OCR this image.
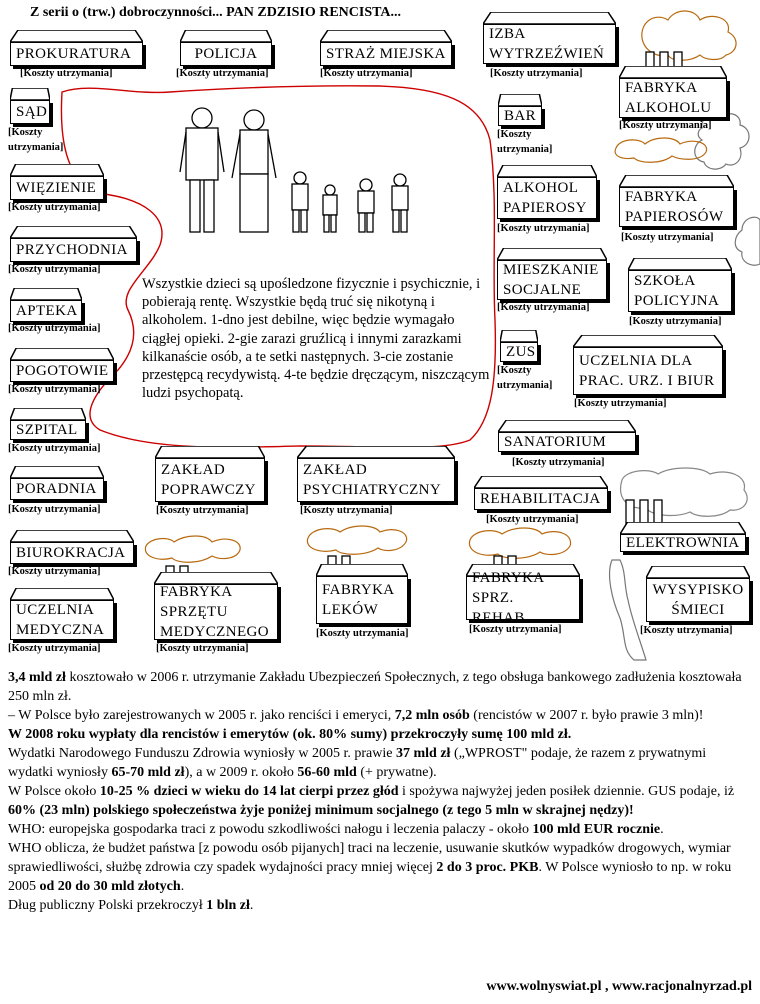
Z serii o (trw.) dobroczynności... PAN ZDZISIO RENCISTA...
PROKURATURA
[Koszty utrzymania]
POLICJA
[Koszty utrzymania]
STRAŻ MIEJSKA
[Koszty utrzymania]
IZBA
WYTRZEŹWIEŃ
[Koszty utrzymania]
FABRYKA
ALKOHOLU
[Koszty utrzymania]
SĄD
[Koszty
utrzymania]
BAR
[Koszty
utrzymania]
WIĘZIENIE
[Koszty utrzymania]
ALKOHOL
PAPIEROSY
[Koszty utrzymania]
FABRYKA
PAPIEROSÓW
[Koszty utrzymania]
PRZYCHODNIA
[Koszty utrzymania]	MIESZKANIE
SOCJALNE
[Koszty utrzymania]
SZKOŁA
POLICYJNA
[Koszty utrzymania]
APTEKA
[Koszty utrzymania]
ZUS
[Koszty
utrzymania]
UCZELNIA DLA
PRAC. URZ. I BIUR
[Koszty utrzymania]
POGOTOWIE
[Koszty utrzymania]
SZPITAL
[Koszty utrzymania]	SANATORIUM
[Koszty utrzymania]
ZAKŁAD
POPRAWCZY
[Koszty utrzymania]
ZAKŁAD
PSYCHIATRYCZNY
[Koszty utrzymania]
PORADNIA
[Koszty utrzymania]
REHABILITACJA
[Koszty utrzymania]
ELEKTROWNIA
BIUROKRACJA
[Koszty utrzymania]
FABRYKA
SPRZĘTU
MEDYCZNEGO
[Koszty utrzymania]
FABRYKA
LEKÓW
[Koszty utrzymania]
FABRYKA
SPRZ. REHAB.
[Koszty utrzymania]
WYSYPISKO
ŚMIECI
[Koszty utrzymania]
UCZELNIA
MEDYCZNA
[Koszty utrzymania]
Wszystkie dzieci są upośledzone fizycznie i psychicznie, i pobierają rentę. Wszystkie będą truć się nikotyną i alkoholem. 1-dno jest debilne, więc będzie wymagało ciągłej opieki. 2-gie zarazi gruźlicą i innymi zarazkami kilkanaście osób, a te setki następnych. 3-cie zostanie przestępcą recydywistą. 4-te będzie dręczącym, niszczącym ludzi psychopatą.

3,4 mld zł kosztowało w 2006 r. utrzymanie Zakładu Ubezpieczeń Społecznych, z tego obsługa bankowego zadłużenia kosztowała 250 mln zł.

– W Polsce było zarejestrowanych w 2005 r. jako renciści i emeryci, 7,2 mln osób (rencistów w 2007 r. było prawie 3 mln)!

W 2008 roku wypłaty dla rencistów i emerytów (ok. 80% sumy) przekroczyły sumę 100 mld zł.

Wydatki Narodowego Funduszu Zdrowia wyniosły w 2005 r. prawie 37 mld zł („WPROST" podaje, że razem z prywatnymi wydatki wyniosły 65-70 mld zł), a w 2009 r. około 56-60 mld (+ prywatne).

W Polsce około 10-25 % dzieci w wieku do 14 lat cierpi przez głód i spożywa najwyżej jeden posiłek dziennie. GUS podaje, iż 60% (23 mln) polskiego społeczeństwa żyje poniżej minimum socjalnego (z tego 5 mln w skrajnej nędzy)!

WHO: europejska gospodarka traci z powodu szkodliwości nałogu i leczenia palaczy - około 100 mld EUR rocznie.

WHO oblicza, że budżet państwa [z powodu osób pijanych] traci na leczenie, usuwanie skutków wypadków drogowych, wymiar sprawiedliwości, służbę zdrowia czy spadek wydajności pracy mniej więcej 2 do 3 proc. PKB. W Polsce wyniosło to np. w roku 2005 od 20 do 30 mld złotych.

Dług publiczny Polski przekroczył 1 bln zł.

www.wolnyswiat.pl , www.racjonalnyrzad.pl
